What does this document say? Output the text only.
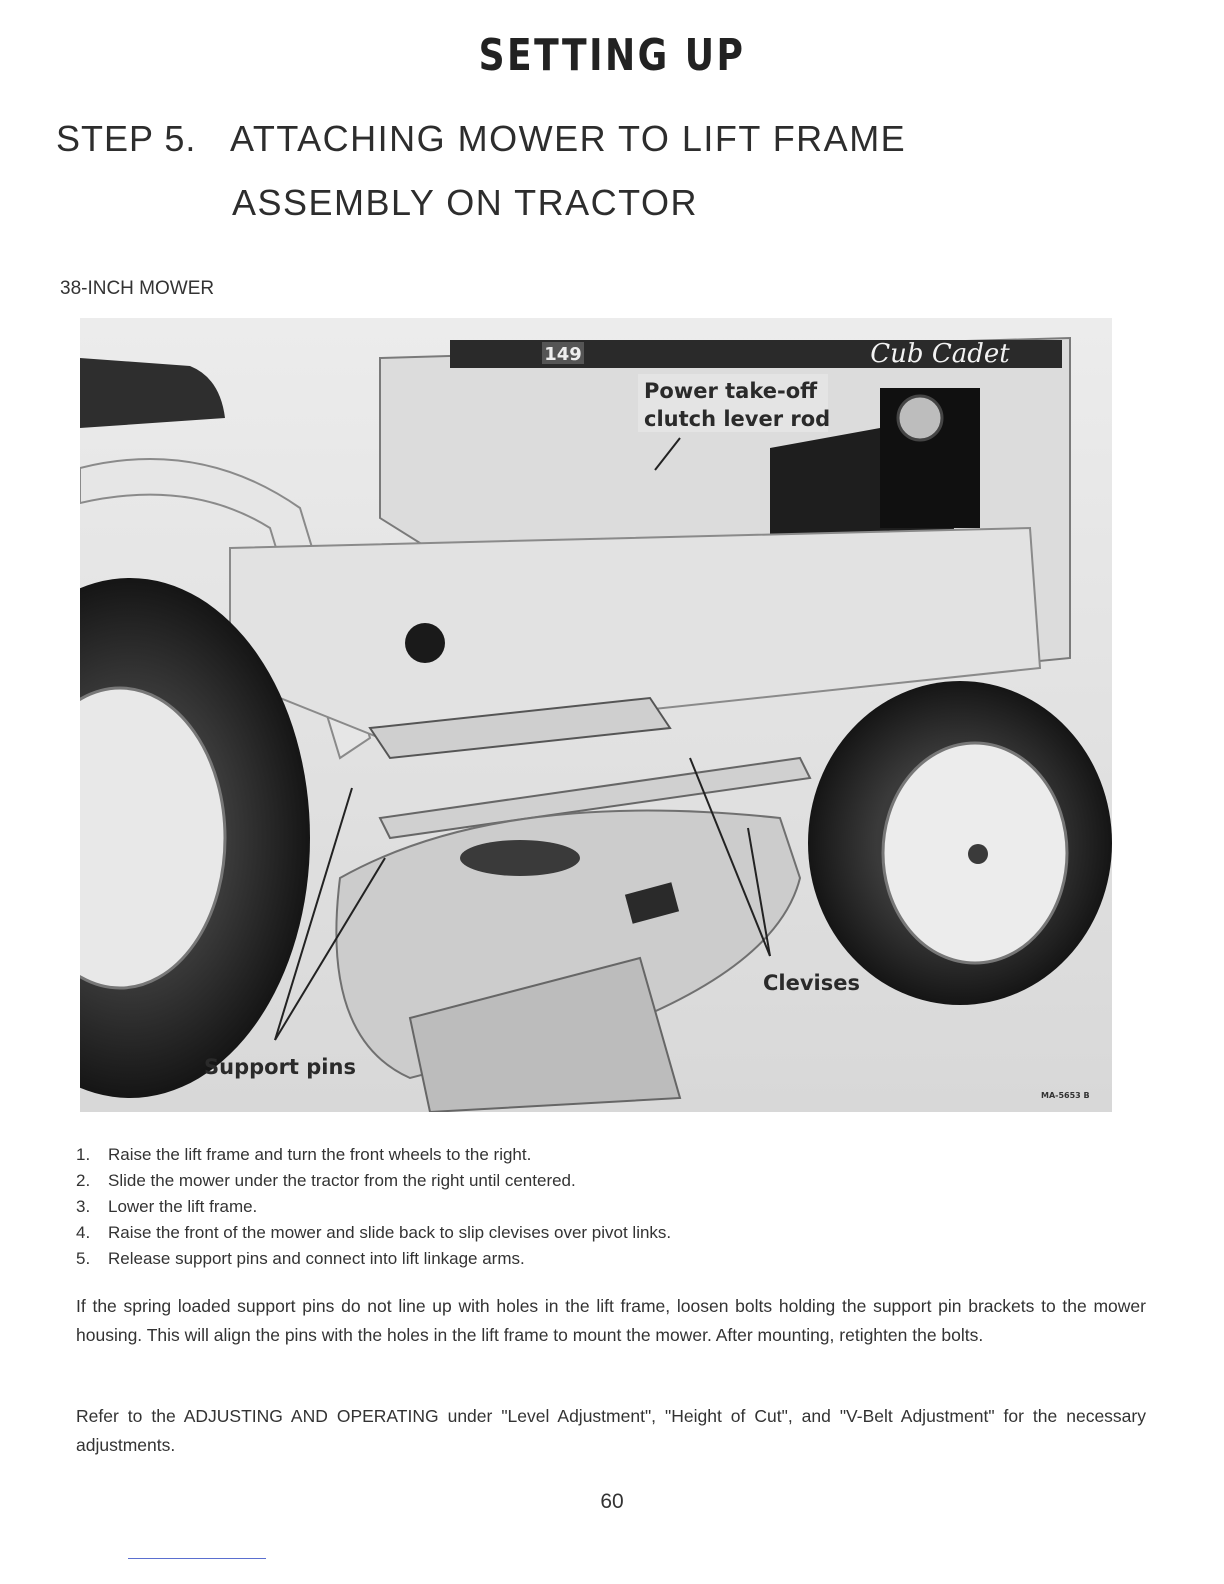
SETTING UP
STEP 5. ATTACHING MOWER TO LIFT FRAME
ASSEMBLY ON TRACTOR
38-INCH MOWER
149	Cub Cadet
Power take-off
clutch lever rod
Clevises
Support pins
MA-5653 B
1.	Raise the lift frame and turn the front wheels to the right.
2.	Slide the mower under the tractor from the right until centered.
3.	Lower the lift frame.
4.	Raise the front of the mower and slide back to slip clevises over pivot links.
5.	Release support pins and connect into lift linkage arms.

If the spring loaded support pins do not line up with holes in the lift frame, loosen bolts holding the support pin brackets to the mower housing. This will align the pins with the holes in the lift frame to mount the mower. After mounting, retighten the bolts.

Refer to the ADJUSTING AND OPERATING under "Level Adjustment", "Height of Cut", and "V-Belt Adjustment" for the necessary adjustments.

60
